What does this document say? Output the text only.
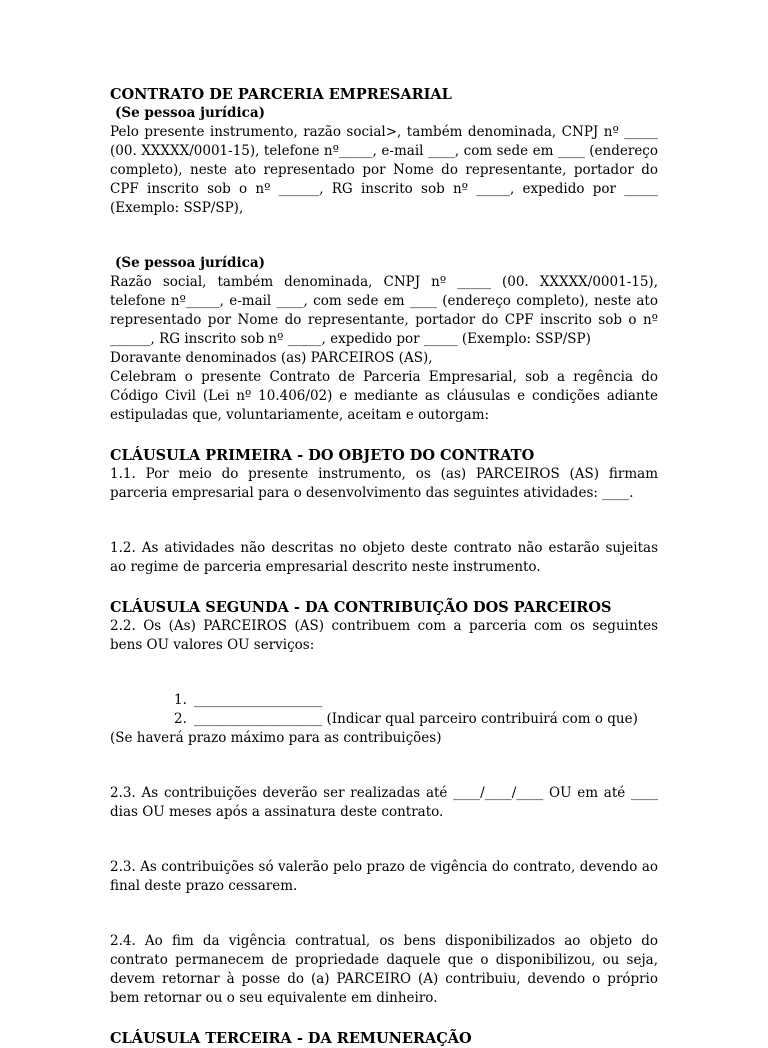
CONTRATO DE PARCERIA EMPRESARIAL

(Se pessoa jurídica)

Pelo presente instrumento, razão social>, também denominada, CNPJ nº _____ (00. XXXXX/0001-15), telefone nº_____, e-mail ____, com sede em ____ (endereço completo), neste ato representado por Nome do representante, portador do CPF inscrito sob o nº ______, RG inscrito sob nº _____, expedido por _____ (Exemplo: SSP/SP),

(Se pessoa jurídica)

Razão social, também denominada, CNPJ nº _____ (00. XXXXX/0001-15), telefone nº_____, e-mail ____, com sede em ____ (endereço completo), neste ato representado por Nome do representante, portador do CPF inscrito sob o nº ______, RG inscrito sob nº _____, expedido por _____ (Exemplo: SSP/SP)

Doravante denominados (as) PARCEIROS (AS),

Celebram o presente Contrato de Parceria Empresarial, sob a regência do Código Civil (Lei nº 10.406/02) e mediante as cláusulas e condições adiante estipuladas que, voluntariamente, aceitam e outorgam:

CLÁUSULA PRIMEIRA - DO OBJETO DO CONTRATO

1.1. Por meio do presente instrumento, os (as) PARCEIROS (AS) firmam parceria empresarial para o desenvolvimento das seguintes atividades: ____.

1.2. As atividades não descritas no objeto deste contrato não estarão sujeitas ao regime de parceria empresarial descrito neste instrumento.

CLÁUSULA SEGUNDA - DA CONTRIBUIÇÃO DOS PARCEIROS

2.2. Os (As) PARCEIROS (AS) contribuem com a parceria com os seguintes bens OU valores OU serviços:

1. ___________________
2. ___________________ (Indicar qual parceiro contribuirá com o que)

(Se haverá prazo máximo para as contribuições)

2.3. As contribuições deverão ser realizadas até ____/____/____ OU em até ____ dias OU meses após a assinatura deste contrato.

2.3. As contribuições só valerão pelo prazo de vigência do contrato, devendo ao final deste prazo cessarem.

2.4. Ao fim da vigência contratual, os bens disponibilizados ao objeto do contrato permanecem de propriedade daquele que o disponibilizou, ou seja, devem retornar à posse do (a) PARCEIRO (A) contribuiu, devendo o próprio bem retornar ou o seu equivalente em dinheiro.

CLÁUSULA TERCEIRA - DA REMUNERAÇÃO
